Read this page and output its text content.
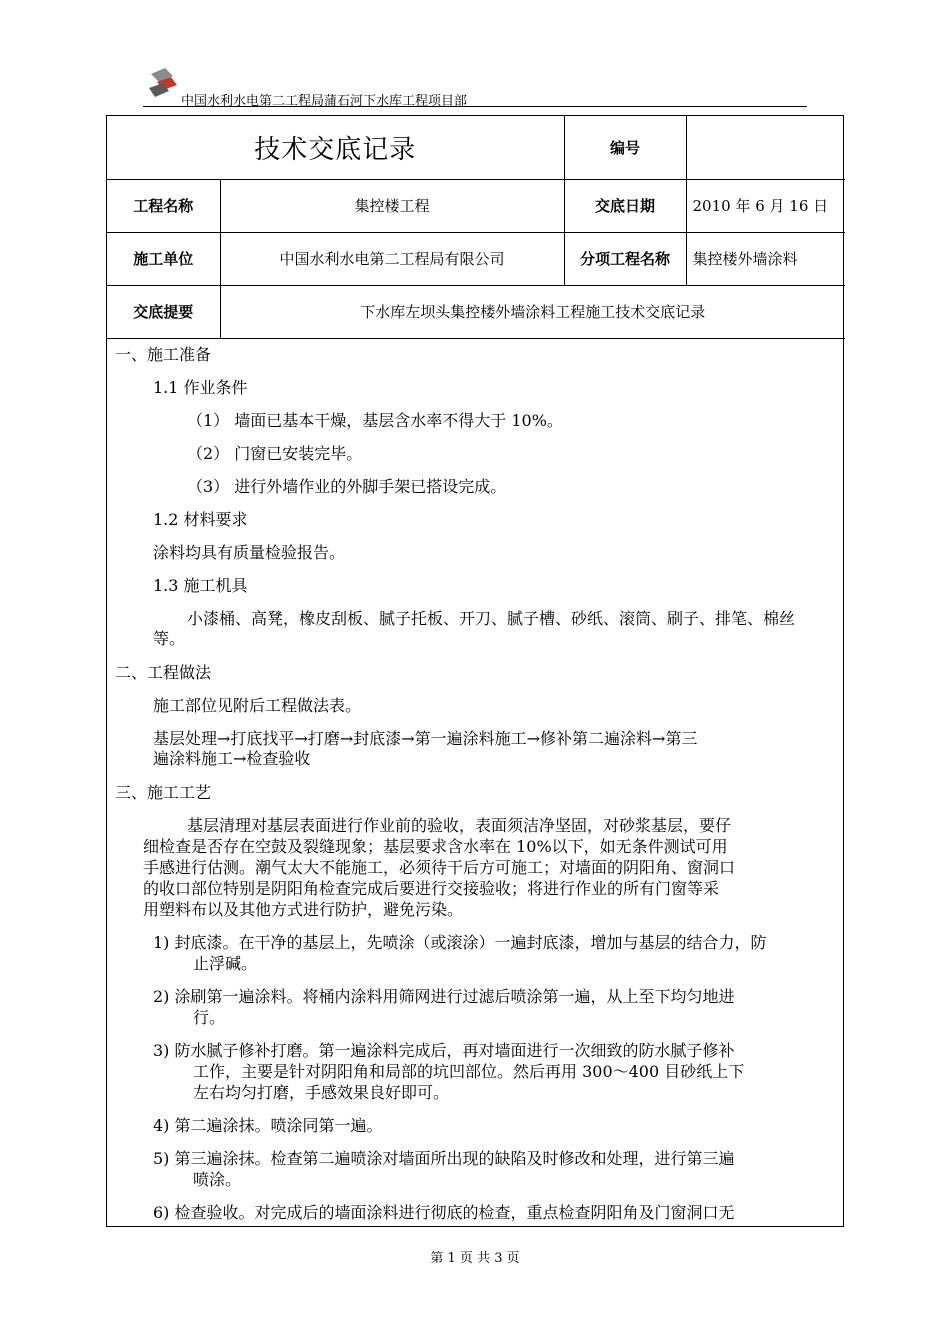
中国水利水电第二工程局蒲石河下水库工程项目部
技术交底记录		编号	
工程名称	集控楼工程	交底日期	2010 年 6 月 16 日
施工单位	中国水利水电第二工程局有限公司	分项工程名称	集控楼外墙涂料
交底提要	下水库左坝头集控楼外墙涂料工程施工技术交底记录		
一、施工准备
1.1 作业条件
（1） 墙面已基本干燥，基层含水率不得大于 10%。
（2） 门窗已安装完毕。
（3） 进行外墙作业的外脚手架已搭设完成。
1.2 材料要求
涂料均具有质量检验报告。
1.3 施工机具
小漆桶、高凳，橡皮刮板、腻子托板、开刀、腻子槽、砂纸、滚筒、刷子、排笔、棉丝
等。
二、工程做法
施工部位见附后工程做法表。
基层处理→打底找平→打磨→封底漆→第一遍涂料施工→修补第二遍涂料→第三
遍涂料施工→检查验收
三、施工工艺
基层清理对基层表面进行作业前的验收，表面须洁净坚固，对砂浆基层，要仔
细检查是否存在空鼓及裂缝现象；基层要求含水率在 10%以下，如无条件测试可用
手感进行估测。潮气太大不能施工，必须待干后方可施工；对墙面的阴阳角、窗洞口
的收口部位特别是阴阳角检查完成后要进行交接验收；将进行作业的所有门窗等采
用塑料布以及其他方式进行防护，避免污染。
1) 封底漆。在干净的基层上，先喷涂（或滚涂）一遍封底漆，增加与基层的结合力，防
止浮碱。
2) 涂刷第一遍涂料。将桶内涂料用筛网进行过滤后喷涂第一遍，从上至下均匀地进
行。
3) 防水腻子修补打磨。第一遍涂料完成后，再对墙面进行一次细致的防水腻子修补
工作，主要是针对阴阳角和局部的坑凹部位。然后再用 300～400 目砂纸上下
左右均匀打磨，手感效果良好即可。
4) 第二遍涂抹。喷涂同第一遍。
5) 第三遍涂抹。检查第二遍喷涂对墙面所出现的缺陷及时修改和处理，进行第三遍
喷涂。
6) 检查验收。对完成后的墙面涂料进行彻底的检查，重点检查阴阳角及门窗洞口无
第 1 页 共 3 页
